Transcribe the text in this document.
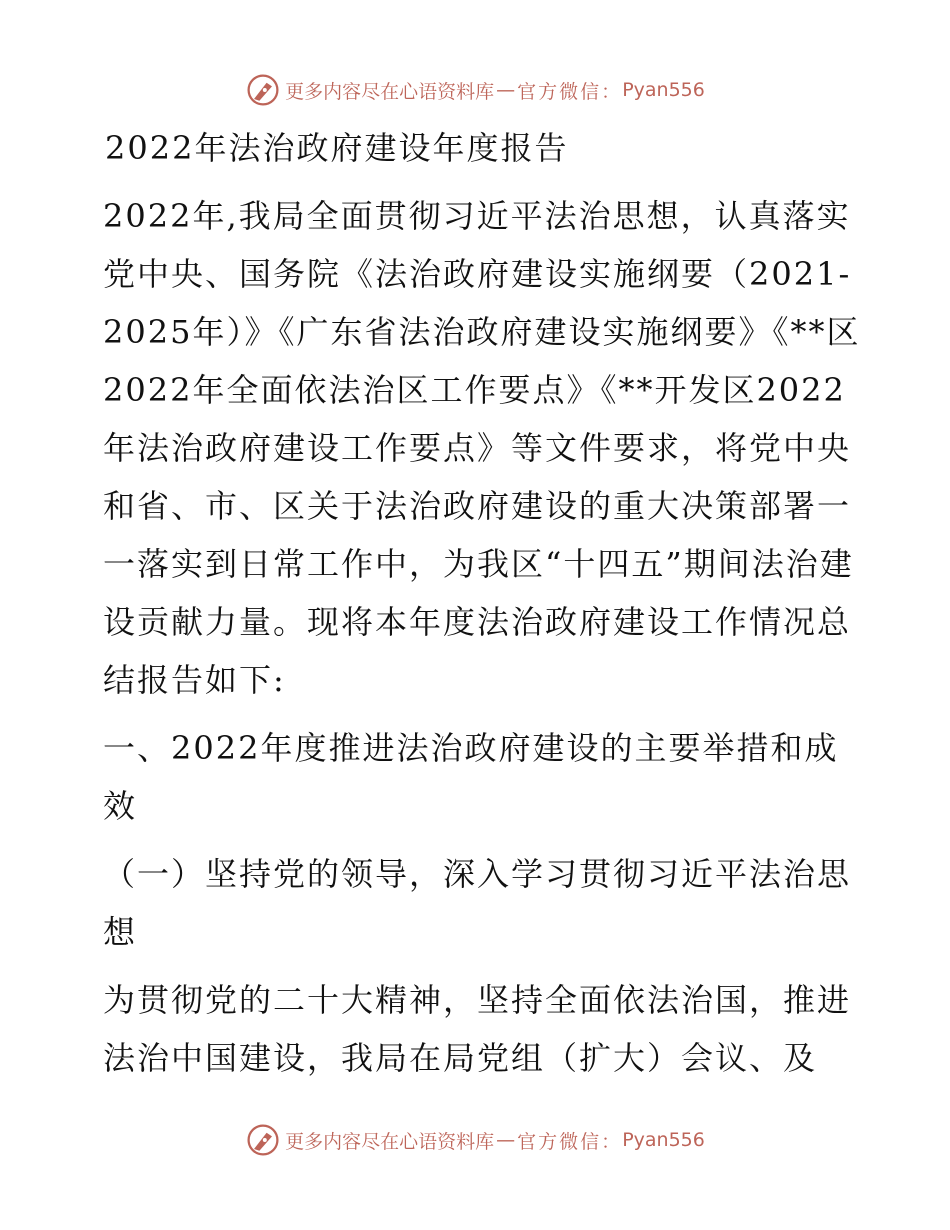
更多内容尽在心语资料库 — 官方微信： Pyan556

2022年法治政府建设年度报告

2022年,我局全面贯彻习近平法治思想，认真落实党中央、国务院《法治政府建设实施纲要（2021-2025年）》《广东省法治政府建设实施纲要》《**区2022年全面依法治区工作要点》《**开发区2022年法治政府建设工作要点》等文件要求，将党中央和省、市、区关于法治政府建设的重大决策部署一一落实到日常工作中，为我区“十四五”期间法治建设贡献力量。现将本年度法治政府建设工作情况总结报告如下:

一、2022年度推进法治政府建设的主要举措和成效

（一）坚持党的领导，深入学习贯彻习近平法治思想

为贯彻党的二十大精神，坚持全面依法治国，推进法治中国建设，我局在局党组（扩大）会议、及

更多内容尽在心语资料库 — 官方微信： Pyan556
